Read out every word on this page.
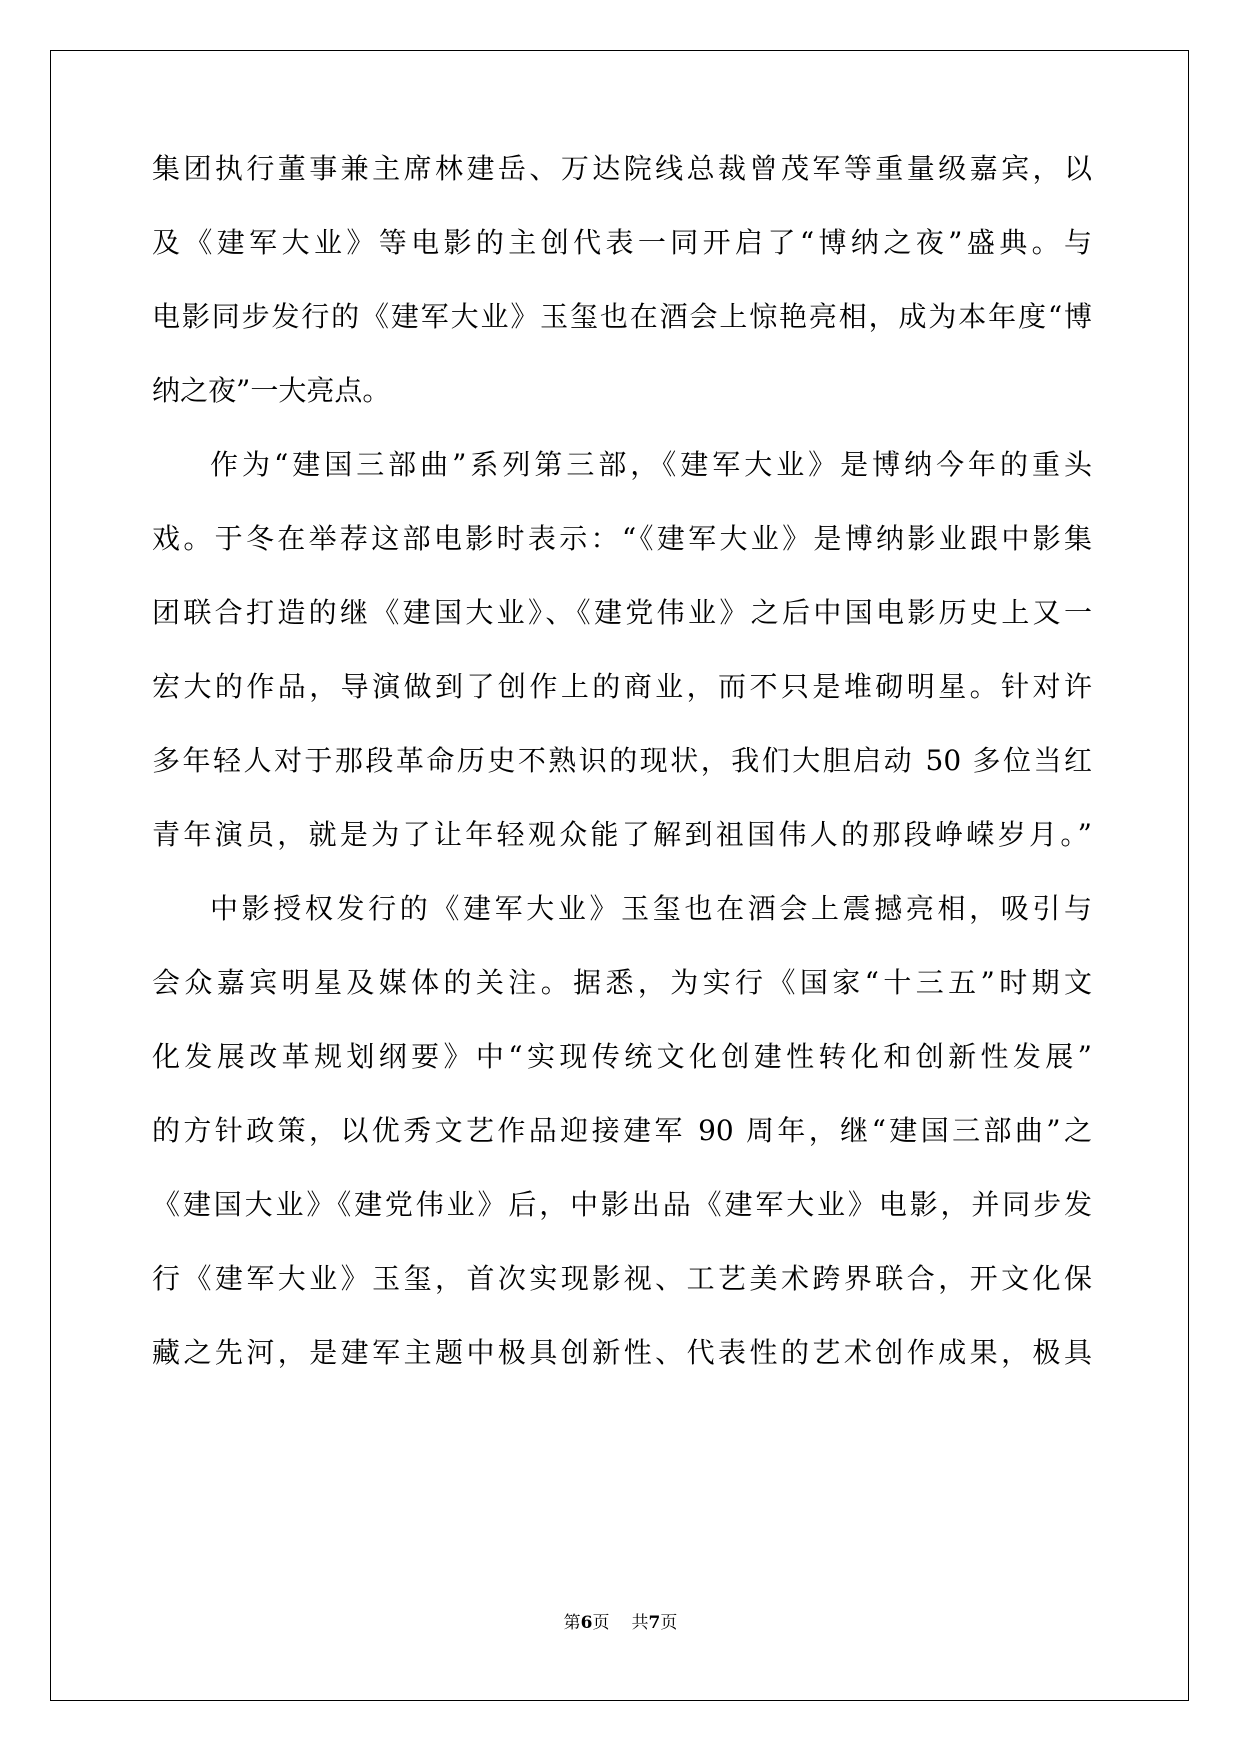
集团执行董事兼主席林建岳、万达院线总裁曾茂军等重量级嘉宾，以
及《建军大业》等电影的主创代表一同开启了“博纳之夜”盛典。与
电影同步发行的《建军大业》玉玺也在酒会上惊艳亮相，成为本年度“博
纳之夜”一大亮点。
作为“建国三部曲”系列第三部，《建军大业》是博纳今年的重头
戏。于冬在举荐这部电影时表示：“《建军大业》是博纳影业跟中影集
团联合打造的继《建国大业》、《建党伟业》之后中国电影历史上又一
宏大的作品，导演做到了创作上的商业，而不只是堆砌明星。针对许
多年轻人对于那段革命历史不熟识的现状，我们大胆启动 50 多位当红
青年演员，就是为了让年轻观众能了解到祖国伟人的那段峥嵘岁月。”
中影授权发行的《建军大业》玉玺也在酒会上震撼亮相，吸引与
会众嘉宾明星及媒体的关注。据悉，为实行《国家“十三五”时期文
化发展改革规划纲要》中“实现传统文化创建性转化和创新性发展”
的方针政策，以优秀文艺作品迎接建军 90 周年，继“建国三部曲”之
《建国大业》《建党伟业》后，中影出品《建军大业》电影，并同步发
行《建军大业》玉玺，首次实现影视、工艺美术跨界联合，开文化保
藏之先河，是建军主题中极具创新性、代表性的艺术创作成果，极具
第6页 共7页
